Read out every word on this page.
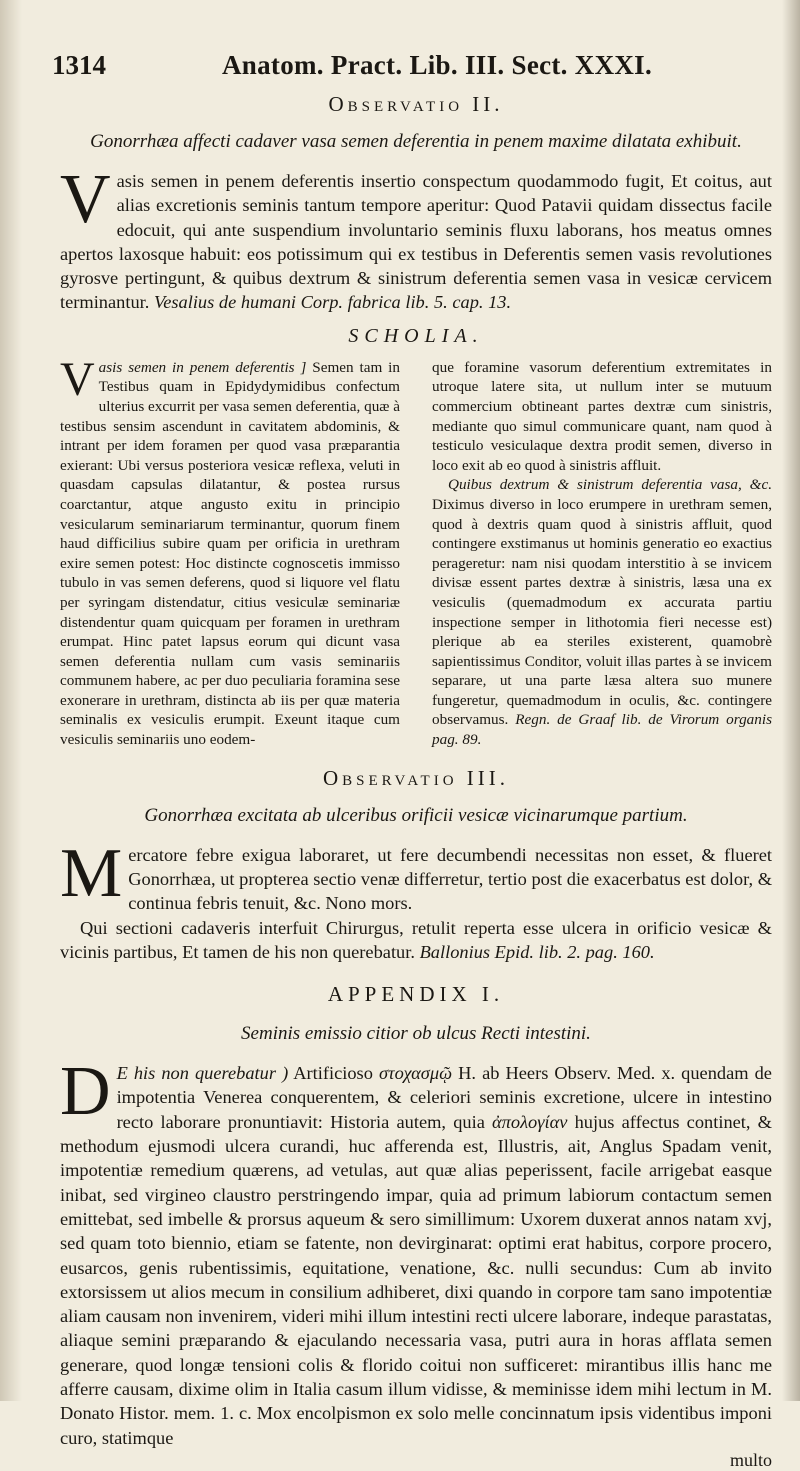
1314	Anatom. Pract. Lib. III. Sect. XXXI.
Observatio II.
Gonorrhæa affecti cadaver vasa semen deferentia in penem maxime dilatata exhibuit.

Vasis semen in penem deferentis insertio conspectum quodammodo fugit, Et coitus, aut alias excretionis seminis tantum tempore aperitur: Quod Patavii quidam dissectus facile edocuit, qui ante suspendium involuntario seminis fluxu laborans, hos meatus omnes apertos laxosque habuit: eos potissimum qui ex testibus in Deferentis semen vasis revolutiones gyrosve pertingunt, & quibus dextrum & sinistrum deferentia semen vasa in vesicæ cervicem terminantur. Vesalius de humani Corp. fabrica lib. 5. cap. 13.

SCHOLIA.

Vasis semen in penem deferentis ] Semen tam in Testibus quam in Epidydymidibus confectum ulterius excurrit per vasa semen deferentia, quæ à testibus sensim ascendunt in cavitatem abdominis, & intrant per idem foramen per quod vasa præparantia exierant: Ubi versus posteriora vesicæ reflexa, veluti in quasdam capsulas dilatantur, & postea rursus coarctantur, atque angusto exitu in principio vesicularum seminariarum terminantur, quorum finem haud difficilius subire quam per orificia in urethram exire semen potest: Hoc distincte cognoscetis immisso tubulo in vas semen deferens, quod si liquore vel flatu per syringam distendatur, citius vesiculæ seminariæ distendentur quam quicquam per foramen in urethram erumpat. Hinc patet lapsus eorum qui dicunt vasa semen deferentia nullam cum vasis seminariis communem habere, ac per duo peculiaria foramina sese exonerare in urethram, distincta ab iis per quæ materia seminalis ex vesiculis erumpit. Exeunt itaque cum vesiculis seminariis uno eodem-

que foramine vasorum deferentium extremitates in utroque latere sita, ut nullum inter se mutuum commercium obtineant partes dextræ cum sinistris, mediante quo simul communicare quant, nam quod à testiculo vesiculaque dextra prodit semen, diverso in loco exit ab eo quod à sinistris affluit.

Quibus dextrum & sinistrum deferentia vasa, &c. Diximus diverso in loco erumpere in urethram semen, quod à dextris quam quod à sinistris affluit, quod contingere exstimanus ut hominis generatio eo exactius perageretur: nam nisi quodam interstitio à se invicem divisæ essent partes dextræ à sinistris, læsa una ex vesiculis (quemadmodum ex accurata partiu inspectione semper in lithotomia fieri necesse est) plerique ab ea steriles existerent, quamobrè sapientissimus Conditor, voluit illas partes à se invicem separare, ut una parte læsa altera suo munere fungeretur, quemadmodum in oculis, &c. contingere observamus. Regn. de Graaf lib. de Virorum organis pag. 89.

Observatio III.
Gonorrhæa excitata ab ulceribus orificii vesicæ vicinarumque partium.

Mercatore febre exigua laboraret, ut fere decumbendi necessitas non esset, & flueret Gonorrhæa, ut propterea sectio venæ differretur, tertio post die exacerbatus est dolor, & continua febris tenuit, &c. Nono mors.

Qui sectioni cadaveris interfuit Chirurgus, retulit reperta esse ulcera in orificio vesicæ & vicinis partibus, Et tamen de his non querebatur. Ballonius Epid. lib. 2. pag. 160.

APPENDIX I.
Seminis emissio citior ob ulcus Recti intestini.

D E his non querebatur ) Artificioso στοχασμῷ H. ab Heers Observ. Med. x. quendam de impotentia Venerea conquerentem, & celeriori seminis excretione, ulcere in intestino recto laborare pronuntiavit: Historia autem, quia ἀπολογίαν hujus affectus continet, & methodum ejusmodi ulcera curandi, huc afferenda est, Illustris, ait, Anglus Spadam venit, impotentiæ remedium quærens, ad vetulas, aut quæ alias peperissent, facile arrigebat easque inibat, sed virgineo claustro perstringendo impar, quia ad primum labiorum contactum semen emittebat, sed imbelle & prorsus aqueum & sero simillimum: Uxorem duxerat annos natam xvj, sed quam toto biennio, etiam se fatente, non devirginarat: optimi erat habitus, corpore procero, eusarcos, genis rubentissimis, equitatione, venatione, &c. nulli secundus: Cum ab invito extorsissem ut alios mecum in consilium adhiberet, dixi quando in corpore tam sano impotentiæ aliam causam non invenirem, videri mihi illum intestini recti ulcere laborare, indeque parastatas, aliaque semini præparando & ejaculando necessaria vasa, putri aura in horas afflata semen generare, quod longæ tensioni colis & florido coitui non sufficeret: mirantibus illis hanc me afferre causam, dixime olim in Italia casum illum vidisse, & meminisse idem mihi lectum in M. Donato Histor. mem. 1. c. Mox encolpismon ex solo melle concinnatum ipsis videntibus imponi curo, statimque

multo
